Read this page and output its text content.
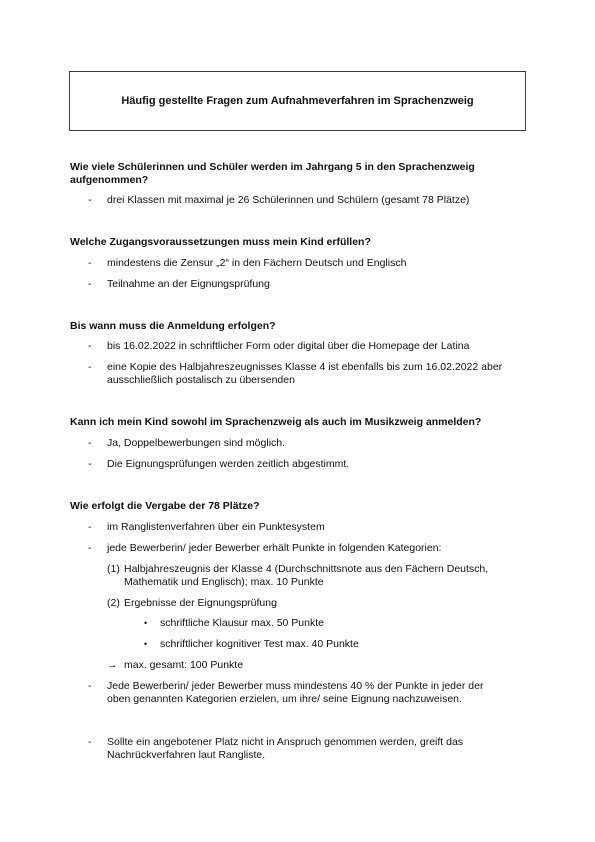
Häufig gestellte Fragen zum Aufnahmeverfahren im Sprachenzweig
Wie viele Schülerinnen und Schüler werden im Jahrgang 5 in den Sprachenzweig
aufgenommen?
- drei Klassen mit maximal je 26 Schülerinnen und Schülern (gesamt 78 Plätze)
Welche Zugangsvoraussetzungen muss mein Kind erfüllen?
- mindestens die Zensur „2“ in den Fächern Deutsch und Englisch
- Teilnahme an der Eignungsprüfung
Bis wann muss die Anmeldung erfolgen?
- bis 16.02.2022 in schriftlicher Form oder digital über die Homepage der Latina
- eine Kopie des Halbjahreszeugnisses Klasse 4 ist ebenfalls bis zum 16.02.2022 aber
ausschließlich postalisch zu übersenden
Kann ich mein Kind sowohl im Sprachenzweig als auch im Musikzweig anmelden?
- Ja, Doppelbewerbungen sind möglich.
- Die Eignungsprüfungen werden zeitlich abgestimmt.
Wie erfolgt die Vergabe der 78 Plätze?
- im Ranglistenverfahren über ein Punktesystem
- jede Bewerberin/ jeder Bewerber erhält Punkte in folgenden Kategorien:
(1) Halbjahreszeugnis der Klasse 4 (Durchschnittsnote aus den Fächern Deutsch,
Mathematik und Englisch); max. 10 Punkte
(2) Ergebnisse der Eignungsprüfung
• schriftliche Klausur max. 50 Punkte
• schriftlicher kognitiver Test max. 40 Punkte
→ max. gesamt: 100 Punkte
- Jede Bewerberin/ jeder Bewerber muss mindestens 40 % der Punkte in jeder der
oben genannten Kategorien erzielen, um ihre/ seine Eignung nachzuweisen.
- Sollte ein angebotener Platz nicht in Anspruch genommen werden, greift das
Nachrückverfahren laut Rangliste.
